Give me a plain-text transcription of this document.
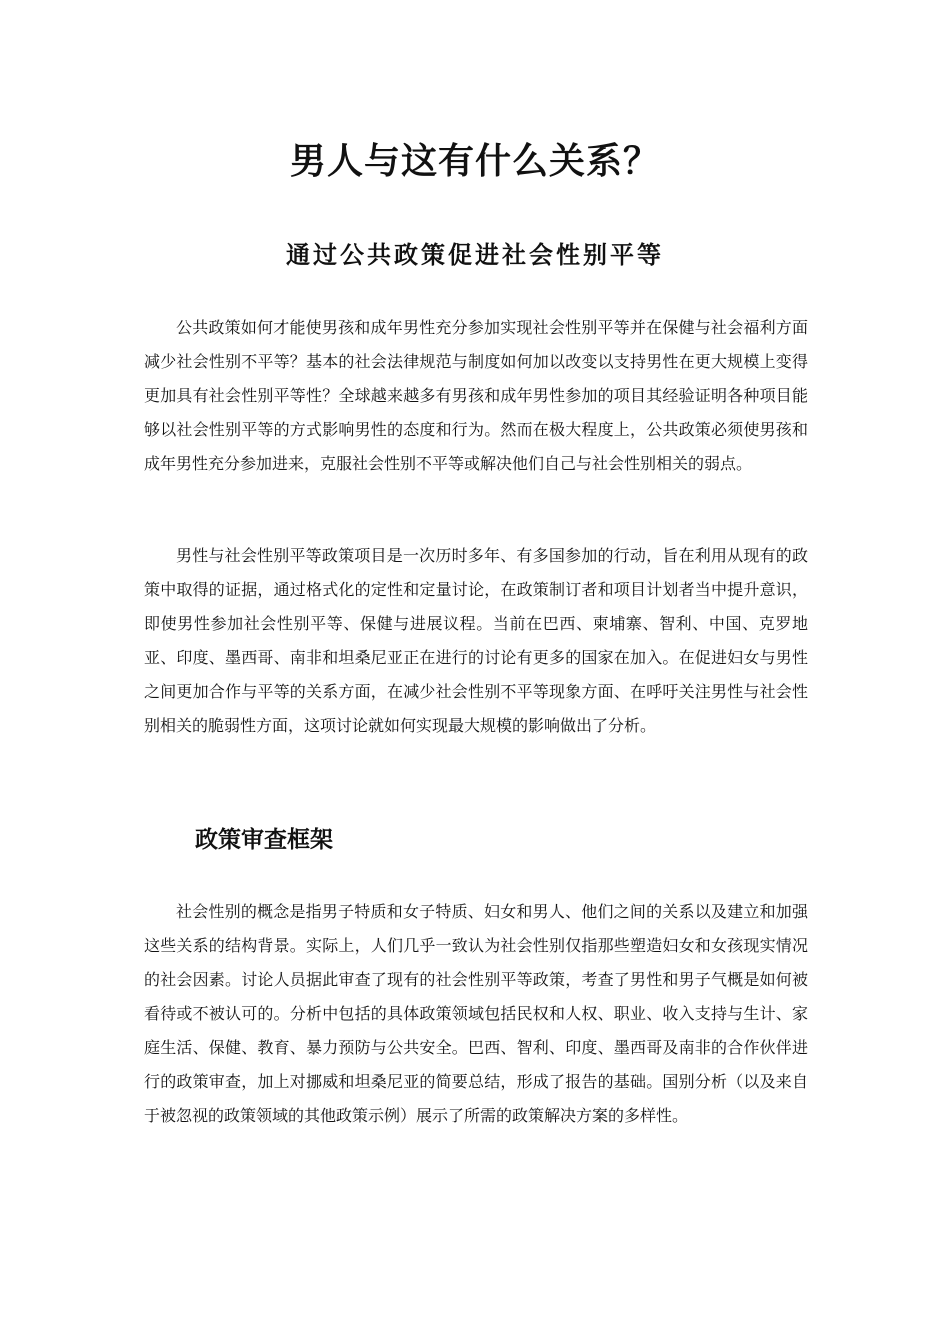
男人与这有什么关系？
通过公共政策促进社会性别平等

公共政策如何才能使男孩和成年男性充分参加实现社会性别平等并在保健与社会福利方面减少社会性别不平等？基本的社会法律规范与制度如何加以改变以支持男性在更大规模上变得更加具有社会性别平等性？全球越来越多有男孩和成年男性参加的项目其经验证明各种项目能够以社会性别平等的方式影响男性的态度和行为。然而在极大程度上，公共政策必须使男孩和成年男性充分参加进来，克服社会性别不平等或解决他们自己与社会性别相关的弱点。

男性与社会性别平等政策项目是一次历时多年、有多国参加的行动，旨在利用从现有的政策中取得的证据，通过格式化的定性和定量讨论，在政策制订者和项目计划者当中提升意识，即使男性参加社会性别平等、保健与进展议程。当前在巴西、柬埔寨、智利、中国、克罗地亚、印度、墨西哥、南非和坦桑尼亚正在进行的讨论有更多的国家在加入。在促进妇女与男性之间更加合作与平等的关系方面，在减少社会性别不平等现象方面、在呼吁关注男性与社会性别相关的脆弱性方面，这项讨论就如何实现最大规模的影响做出了分析。

政策审查框架

社会性别的概念是指男子特质和女子特质、妇女和男人、他们之间的关系以及建立和加强这些关系的结构背景。实际上，人们几乎一致认为社会性别仅指那些塑造妇女和女孩现实情况的社会因素。讨论人员据此审查了现有的社会性别平等政策，考查了男性和男子气概是如何被看待或不被认可的。分析中包括的具体政策领域包括民权和人权、职业、收入支持与生计、家庭生活、保健、教育、暴力预防与公共安全。巴西、智利、印度、墨西哥及南非的合作伙伴进行的政策审查，加上对挪威和坦桑尼亚的简要总结，形成了报告的基础。国别分析（以及来自于被忽视的政策领域的其他政策示例）展示了所需的政策解决方案的多样性。
